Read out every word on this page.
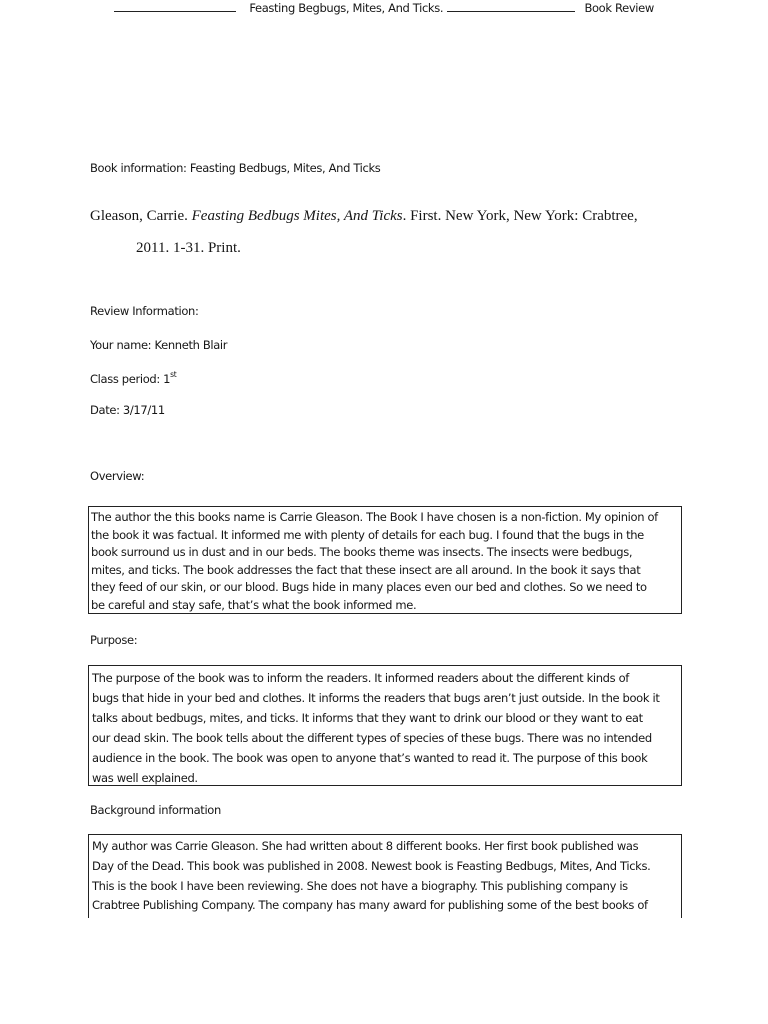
Feasting Begbugs, Mites, And Ticks.	Book Review
Book information: Feasting Bedbugs, Mites, And Ticks
Gleason, Carrie. Feasting Bedbugs Mites, And Ticks. First. New York, New York: Crabtree,
2011. 1-31. Print.
Review Information:
Your name: Kenneth Blair
Class period: 1st
Date: 3/17/11
Overview:
The author the this books name is Carrie Gleason. The Book I have chosen is a non-fiction. My opinion of
the book it was factual. It informed me with plenty of details for each bug. I found that the bugs in the
book surround us in dust and in our beds. The books theme was insects. The insects were bedbugs,
mites, and ticks. The book addresses the fact that these insect are all around. In the book it says that
they feed of our skin, or our blood. Bugs hide in many places even our bed and clothes. So we need to
be careful and stay safe, that’s what the book informed me.
Purpose:
The purpose of the book was to inform the readers. It informed readers about the different kinds of
bugs that hide in your bed and clothes. It informs the readers that bugs aren’t just outside. In the book it
talks about bedbugs, mites, and ticks. It informs that they want to drink our blood or they want to eat
our dead skin. The book tells about the different types of species of these bugs. There was no intended
audience in the book. The book was open to anyone that’s wanted to read it. The purpose of this book
was well explained.
Background information
My author was Carrie Gleason. She had written about 8 different books. Her first book published was
Day of the Dead. This book was published in 2008. Newest book is Feasting Bedbugs, Mites, And Ticks.
This is the book I have been reviewing. She does not have a biography. This publishing company is
Crabtree Publishing Company. The company has many award for publishing some of the best books of
